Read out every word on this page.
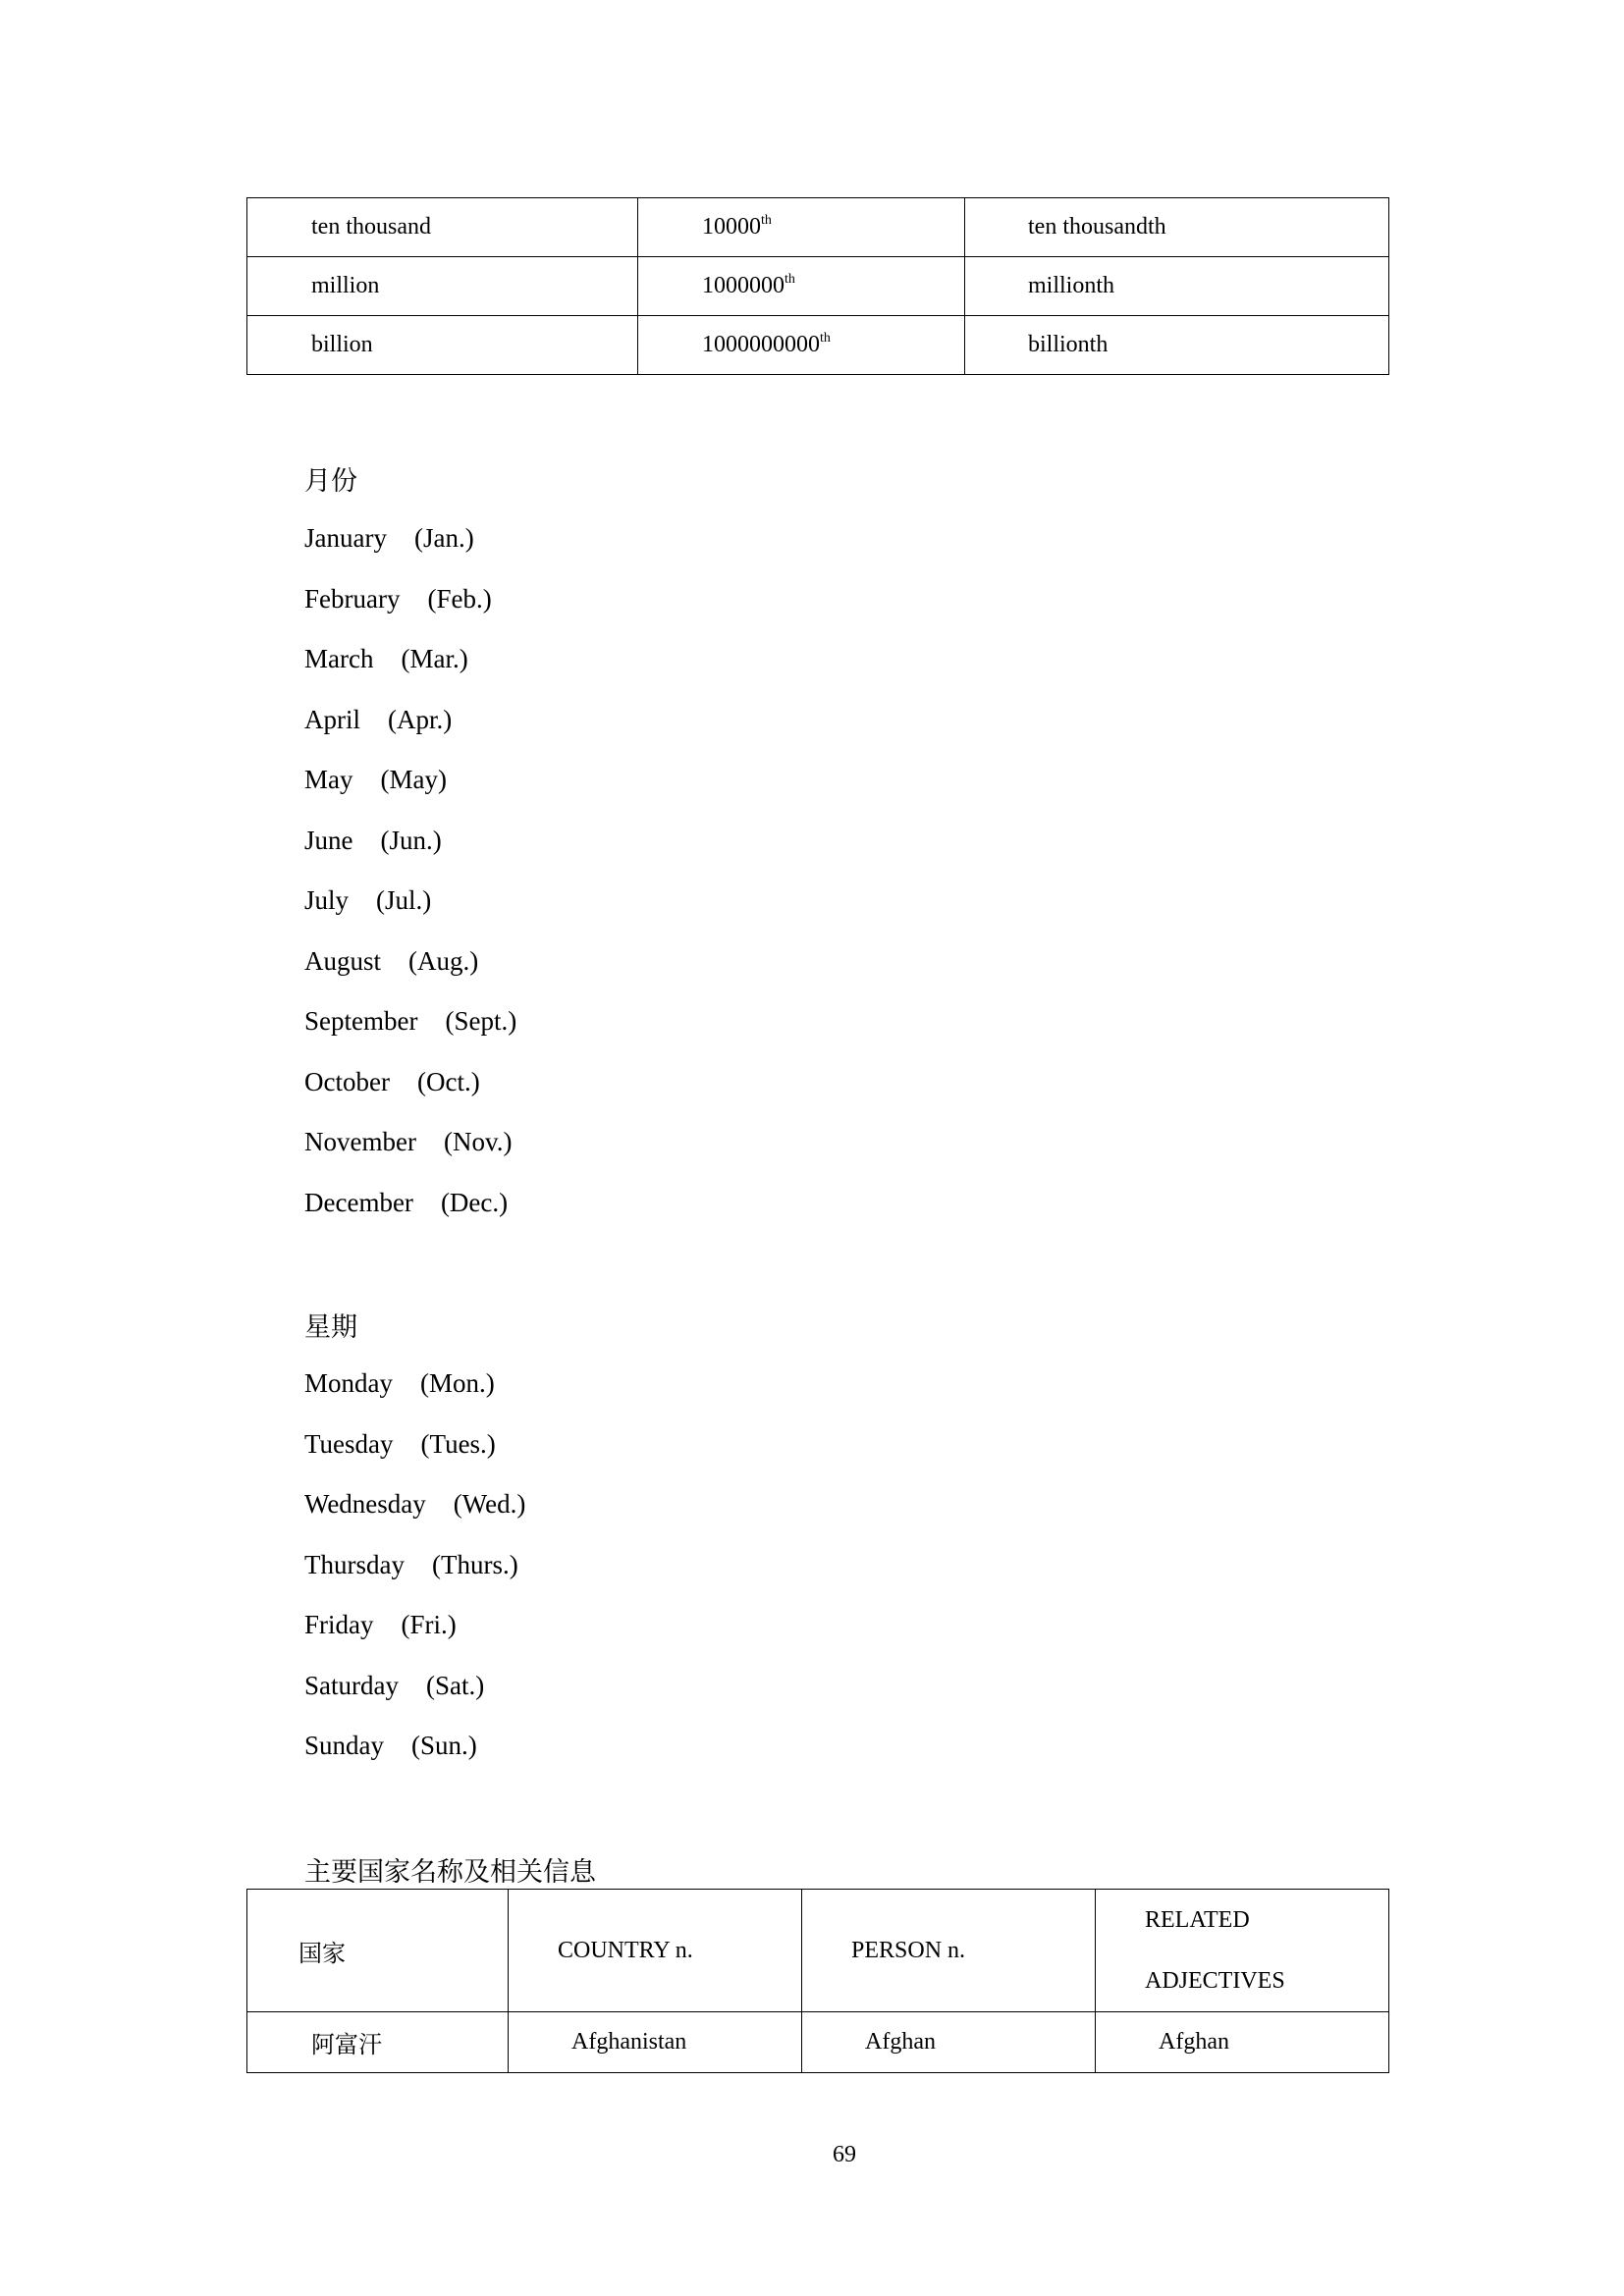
ten thousand	10000th	ten thousandth
million	1000000th	millionth
billion	1000000000th	billionth
月份
January (Jan.)
February (Feb.)
March (Mar.)
April (Apr.)
May (May)
June (Jun.)
July (Jul.)
August (Aug.)
September (Sept.)
October (Oct.)
November (Nov.)
December (Dec.)
星期
Monday (Mon.)
Tuesday (Tues.)
Wednesday (Wed.)
Thursday (Thurs.)
Friday (Fri.)
Saturday (Sat.)
Sunday (Sun.)
主要国家名称及相关信息
国家	COUNTRY n.	PERSON n.	RELATED
ADJECTIVES

阿富汗	Afghanistan	Afghan	Afghan
69
